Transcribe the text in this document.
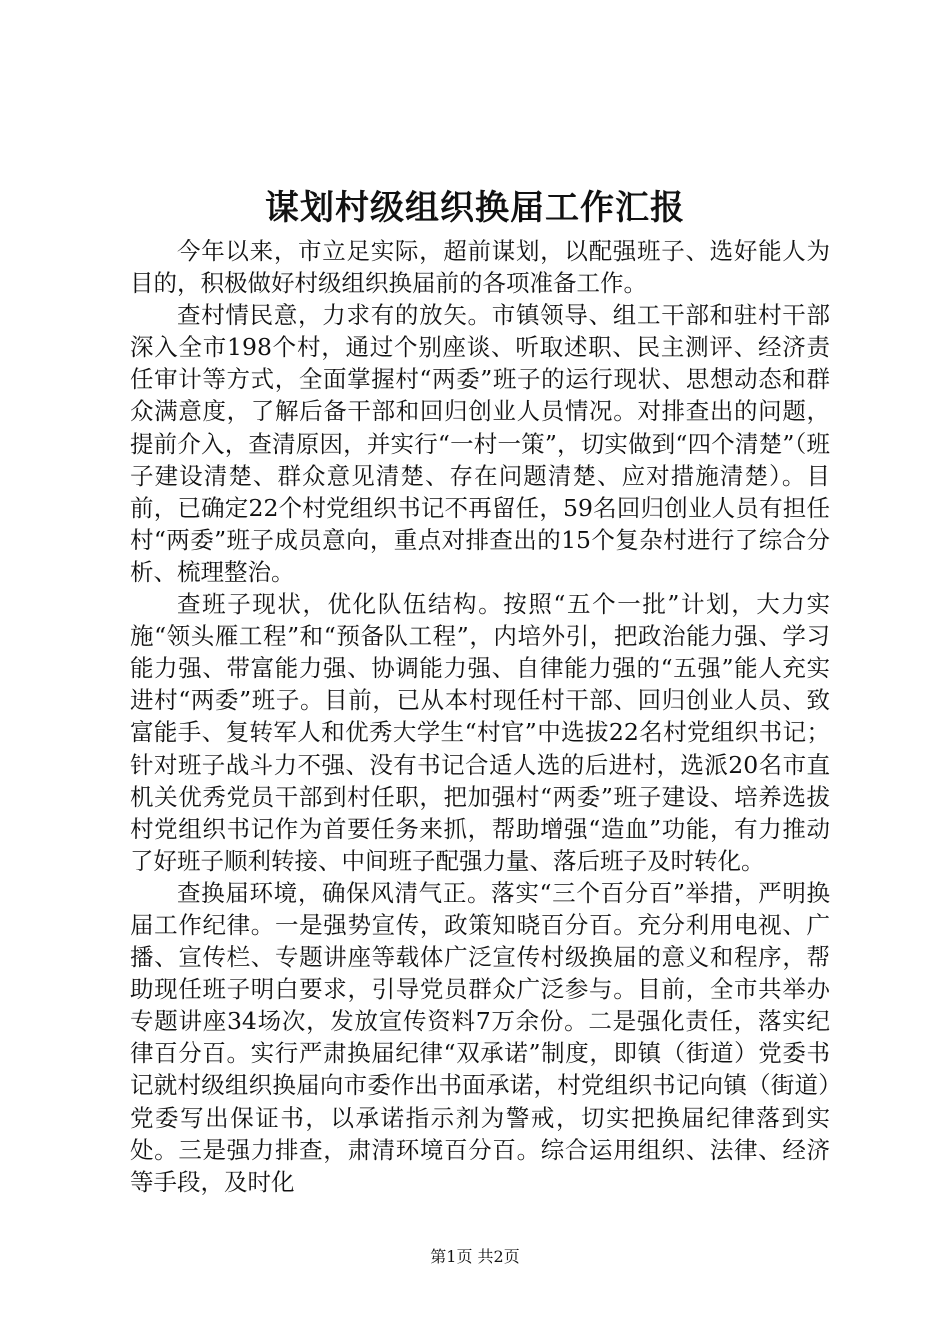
谋划村级组织换届工作汇报

今年以来，市立足实际，超前谋划，以配强班子、选好能人为目的，积极做好村级组织换届前的各项准备工作。

查村情民意，力求有的放矢。市镇领导、组工干部和驻村干部深入全市198个村，通过个别座谈、听取述职、民主测评、经济责任审计等方式，全面掌握村“两委”班子的运行现状、思想动态和群众满意度，了解后备干部和回归创业人员情况。对排查出的问题，提前介入，查清原因，并实行“一村一策”，切实做到“四个清楚”（班子建设清楚、群众意见清楚、存在问题清楚、应对措施清楚）。目前，已确定22个村党组织书记不再留任，59名回归创业人员有担任村“两委”班子成员意向，重点对排查出的15个复杂村进行了综合分析、梳理整治。

查班子现状，优化队伍结构。按照“五个一批”计划，大力实施“领头雁工程”和“预备队工程”，内培外引，把政治能力强、学习能力强、带富能力强、协调能力强、自律能力强的“五强”能人充实进村“两委”班子。目前，已从本村现任村干部、回归创业人员、致富能手、复转军人和优秀大学生“村官”中选拔22名村党组织书记；针对班子战斗力不强、没有书记合适人选的后进村，选派20名市直机关优秀党员干部到村任职，把加强村“两委”班子建设、培养选拔村党组织书记作为首要任务来抓，帮助增强“造血”功能，有力推动了好班子顺利转接、中间班子配强力量、落后班子及时转化。

查换届环境，确保风清气正。落实“三个百分百”举措，严明换届工作纪律。一是强势宣传，政策知晓百分百。充分利用电视、广播、宣传栏、专题讲座等载体广泛宣传村级换届的意义和程序，帮助现任班子明白要求，引导党员群众广泛参与。目前，全市共举办专题讲座34场次，发放宣传资料7万余份。二是强化责任，落实纪律百分百。实行严肃换届纪律“双承诺”制度，即镇（街道）党委书记就村级组织换届向市委作出书面承诺，村党组织书记向镇（街道）党委写出保证书，以承诺指示剂为警戒，切实把换届纪律落到实处。三是强力排查，肃清环境百分百。综合运用组织、法律、经济等手段，及时化

第1页 共2页
